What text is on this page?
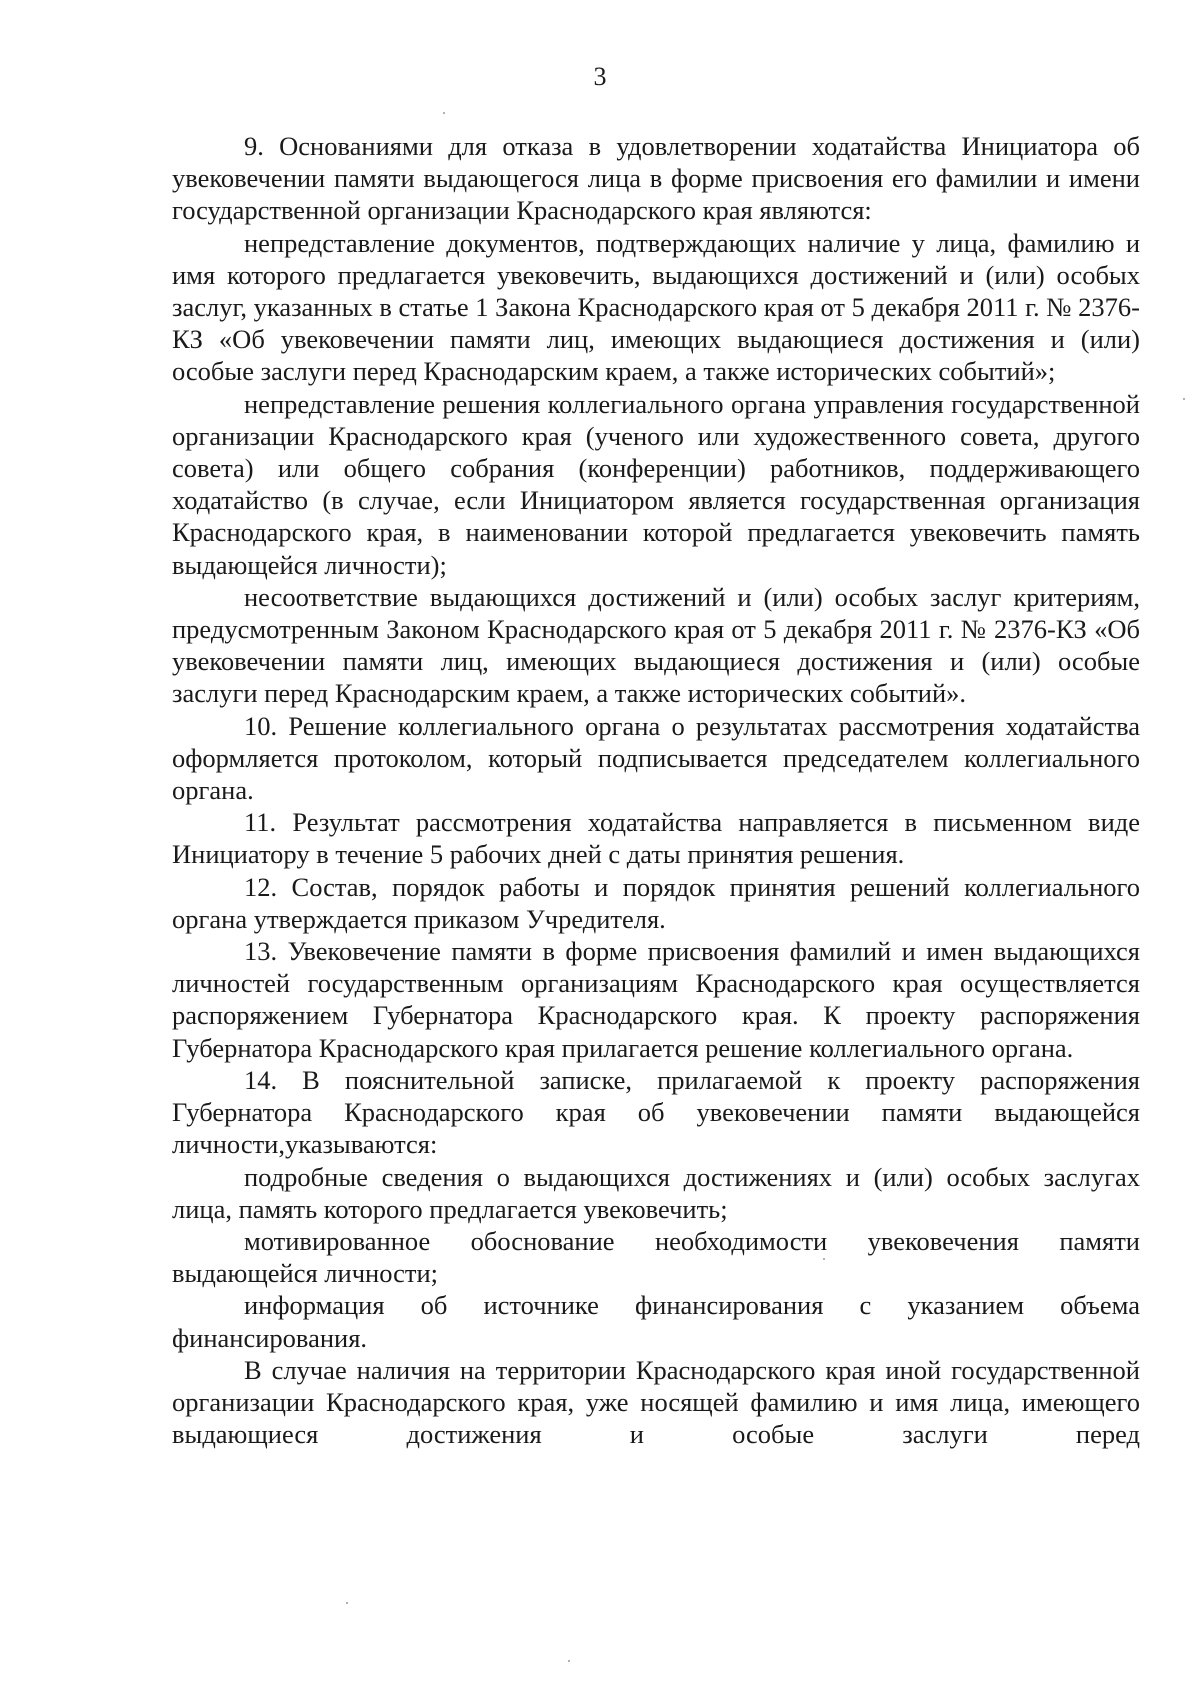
3

9. Основаниями для отказа в удовлетворении ходатайства Инициатора об увековечении памяти выдающегося лица в форме присвоения его фамилии и имени государственной организации Краснодарского края являются:

непредставление документов, подтверждающих наличие у лица, фамилию и имя которого предлагается увековечить, выдающихся достижений и (или) особых заслуг, указанных в статье 1 Закона Краснодарского края от 5 декабря 2011 г. № 2376-КЗ «Об увековечении памяти лиц, имеющих выдающиеся достижения и (или) особые заслуги перед Краснодарским краем, а также исторических событий»;

непредставление решения коллегиального органа управления государственной организации Краснодарского края (ученого или художественного совета, другого совета) или общего собрания (конференции) работников, поддерживающего ходатайство (в случае, если Инициатором является государственная организация Краснодарского края, в наименовании которой предлагается увековечить память выдающейся личности);

несоответствие выдающихся достижений и (или) особых заслуг критериям, предусмотренным Законом Краснодарского края от 5 декабря 2011 г. № 2376-КЗ «Об увековечении памяти лиц, имеющих выдающиеся достижения и (или) особые заслуги перед Краснодарским краем, а также исторических событий».

10. Решение коллегиального органа о результатах рассмотрения ходатайства оформляется протоколом, который подписывается председателем коллегиального органа.

11. Результат рассмотрения ходатайства направляется в письменном виде Инициатору в течение 5 рабочих дней с даты принятия решения.

12. Состав, порядок работы и порядок принятия решений коллегиального органа утверждается приказом Учредителя.

13. Увековечение памяти в форме присвоения фамилий и имен выдающихся личностей государственным организациям Краснодарского края осуществляется распоряжением Губернатора Краснодарского края. К проекту распоряжения Губернатора Краснодарского края прилагается решение коллегиального органа.

14. В пояснительной записке, прилагаемой к проекту распоряжения Губернатора Краснодарского края об увековечении памяти выдающейся личности,указываются:

подробные сведения о выдающихся достижениях и (или) особых заслугах лица, память которого предлагается увековечить;

мотивированное обоснование необходимости увековечения памяти выдающейся личности;

информация об источнике финансирования с указанием объема финансирования.

В случае наличия на территории Краснодарского края иной государственной организации Краснодарского края, уже носящей фамилию и имя лица, имеющего выдающиеся достижения и особые заслуги перед
